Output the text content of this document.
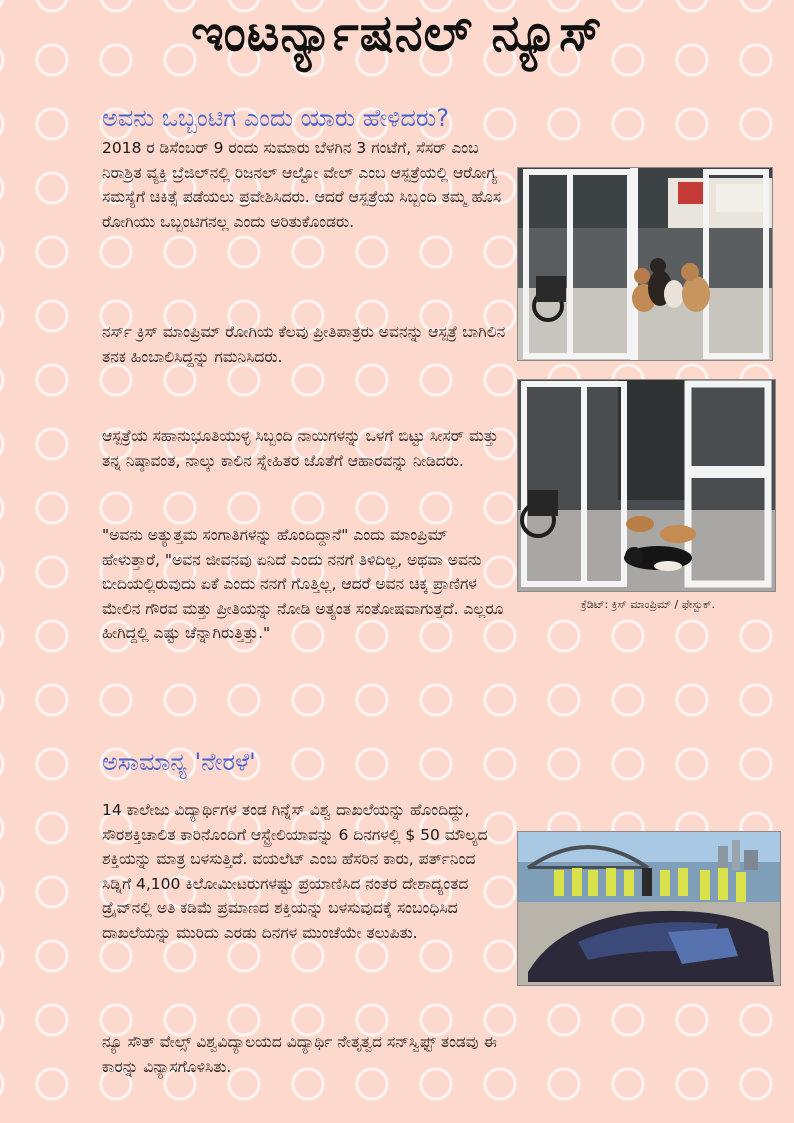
ಇಂಟರ್ನ್ಯಾಷನಲ್ ನ್ಯೂಸ್
ಅವನು ಒಬ್ಬಂಟಿಗ ಎಂದು ಯಾರು ಹೇಳಿದರು?
2018 ರ ಡಿಸೆಂಬರ್ 9 ರಂದು ಸುಮಾರು ಬೆಳಗಿನ 3 ಗಂಟೆಗೆ, ಸೆಸರ್ ಎಂಬ ನಿರಾಶ್ರಿತ ವ್ಯಕ್ತಿ ಬ್ರೆಜಿಲ್‌ನಲ್ಲಿ ರಿಜನಲ್ ಆಲ್ಟೋ ವೇಲ್ ಎಂಬ ಆಸ್ಪತ್ರೆಯಲ್ಲಿ ಆರೋಗ್ಯ ಸಮಸ್ಯೆಗೆ ಚಿಕಿತ್ಸೆ ಪಡೆಯಲು ಪ್ರವೇಶಿಸಿದರು. ಆದರೆ ಆಸ್ಪತ್ರೆಯ ಸಿಬ್ಬಂದಿ ತಮ್ಮ ಹೊಸ ರೋಗಿಯು ಒಬ್ಬಂಟಿಗನಲ್ಲ ಎಂದು ಅರಿತುಕೊಂಡರು.
ನರ್ಸ್ ಕ್ರಿಸ್ ಮಾಂಪ್ರಿಮ್ ರೋಗಿಯ ಕೆಲವು ಪ್ರೀತಿಪಾತ್ರರು ಅವನನ್ನು ಆಸ್ಪತ್ರೆ ಬಾಗಿಲಿನ ತನಕ ಹಿಂಬಾಲಿಸಿದ್ದನ್ನು ಗಮನಿಸಿದರು.
ಆಸ್ಪತ್ರೆಯ ಸಹಾನುಭೂತಿಯುಳ್ಳ ಸಿಬ್ಬಂದಿ ನಾಯಿಗಳನ್ನು ಒಳಗೆ ಬಿಟ್ಟು ಸೀಸರ್ ಮತ್ತು ತನ್ನ ನಿಷ್ಠಾವಂತ, ನಾಲ್ಕು ಕಾಲಿನ ಸ್ನೇಹಿತರ ಜೊತೆಗೆ ಆಹಾರವನ್ನು ನೀಡಿದರು.
"ಅವನು ಅತ್ಯುತ್ತಮ ಸಂಗಾತಿಗಳನ್ನು ಹೊಂದಿದ್ದಾನೆ" ಎಂದು ಮಾಂಪ್ರಿಮ್ ಹೇಳುತ್ತಾರೆ, "ಅವನ ಜೀವನವು ಏನಿದೆ ಎಂದು ನನಗೆ ತಿಳಿದಿಲ್ಲ, ಅಥವಾ ಅವನು ಬೀದಿಯಲ್ಲಿರುವುದು ಏಕೆ ಎಂದು ನನಗೆ ಗೊತ್ತಿಲ್ಲ, ಆದರೆ ಅವನ ಚಿಕ್ಕ ಪ್ರಾಣಿಗಳ ಮೇಲಿನ ಗೌರವ ಮತ್ತು ಪ್ರೀತಿಯನ್ನು ನೋಡಿ ಅತ್ಯಂತ ಸಂತೋಷವಾಗುತ್ತದೆ. ಎಲ್ಲರೂ ಹೀಗಿದ್ದಲ್ಲಿ ಎಷ್ಟು ಚೆನ್ನಾಗಿರುತ್ತಿತ್ತು."
ಕ್ರೆಡಿಟ್: ಕ್ರಿಸ್ ಮಾಂಪ್ರಿಮ್ / ಫೇಸ್ಬುಕ್.
ಅಸಾಮಾನ್ಯ 'ನೇರಳೆ'
14 ಕಾಲೇಜು ವಿದ್ಯಾರ್ಥಿಗಳ ತಂಡ ಗಿನ್ನೆಸ್ ವಿಶ್ವ ದಾಖಲೆಯನ್ನು ಹೊಂದಿದ್ದು, ಸೌರಶಕ್ತಿಚಾಲಿತ ಕಾರಿನೊಂದಿಗೆ ಆಸ್ಟ್ರೇಲಿಯಾವನ್ನು 6 ದಿನಗಳಲ್ಲಿ $ 50 ಮೌಲ್ಯದ ಶಕ್ತಿಯನ್ನು ಮಾತ್ರ ಬಳಸುತ್ತಿದೆ. ವಯಲೆಟ್ ಎಂಬ ಹೆಸರಿನ ಕಾರು, ಪರ್ತ್‌ನಿಂದ ಸಿಡ್ನಿಗೆ 4,100 ಕಿಲೋಮೀಟರುಗಳಷ್ಟು ಪ್ರಯಾಣಿಸಿದ ನಂತರ ದೇಶಾದ್ಯಂತದ ಡ್ರೈವ್‌ನಲ್ಲಿ ಅತಿ ಕಡಿಮೆ ಪ್ರಮಾಣದ ಶಕ್ತಿಯನ್ನು ಬಳಸುವುದಕ್ಕೆ ಸಂಬಂಧಿಸಿದ ದಾಖಲೆಯನ್ನು ಮುರಿದು ಎರಡು ದಿನಗಳ ಮುಂಚೆಯೇ ತಲುಪಿತು.
ನ್ಯೂ ಸೌತ್ ವೇಲ್ಸ್ ವಿಶ್ವವಿದ್ಯಾಲಯದ ವಿದ್ಯಾರ್ಥಿ ನೇತೃತ್ವದ ಸನ್‌ಸ್ವಿಫ್ಟ್ ತಂಡವು ಈ ಕಾರನ್ನು ವಿನ್ಯಾಸಗೊಳಿಸಿತು.
